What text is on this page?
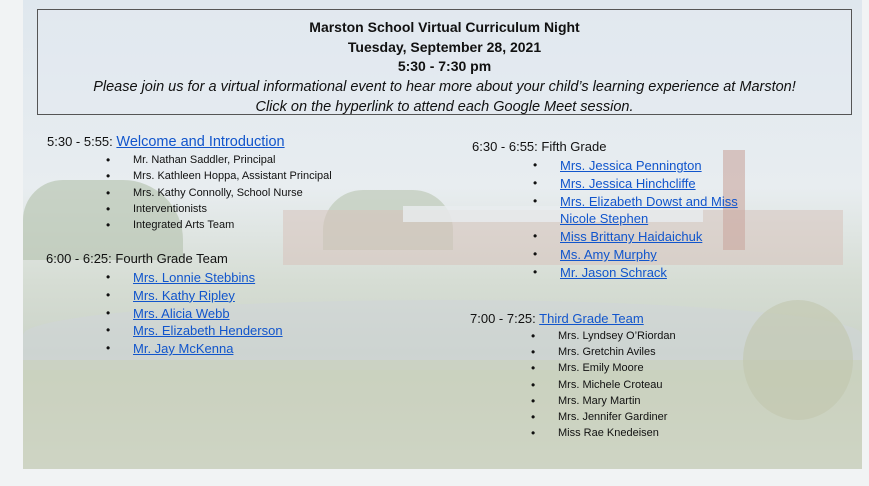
Marston School Virtual Curriculum Night
Tuesday, September 28, 2021
5:30 - 7:30 pm
Please join us for a virtual informational event to hear more about your child’s learning experience at Marston!
Click on the hyperlink to attend each Google Meet session.
5:30 - 5:55: Welcome and Introduction
• Mr. Nathan Saddler, Principal
• Mrs. Kathleen Hoppa, Assistant Principal
• Mrs. Kathy Connolly, School Nurse
• Interventionists
• Integrated Arts Team
6:00 - 6:25: Fourth Grade Team
• Mrs. Lonnie Stebbins
• Mrs. Kathy Ripley
• Mrs. Alicia Webb
• Mrs. Elizabeth Henderson
• Mr. Jay McKenna
6:30 - 6:55: Fifth Grade
• Mrs. Jessica Pennington
• Mrs. Jessica Hinchcliffe
• Mrs. Elizabeth Dowst and Miss
Nicole Stephen
• Miss Brittany Haidaichuk
• Ms. Amy Murphy
• Mr. Jason Schrack
7:00 - 7:25: Third Grade Team
• Mrs. Lyndsey O’Riordan
• Mrs. Gretchin Aviles
• Mrs. Emily Moore
• Mrs. Michele Croteau
• Mrs. Mary Martin
• Mrs. Jennifer Gardiner
• Miss Rae Knedeisen
